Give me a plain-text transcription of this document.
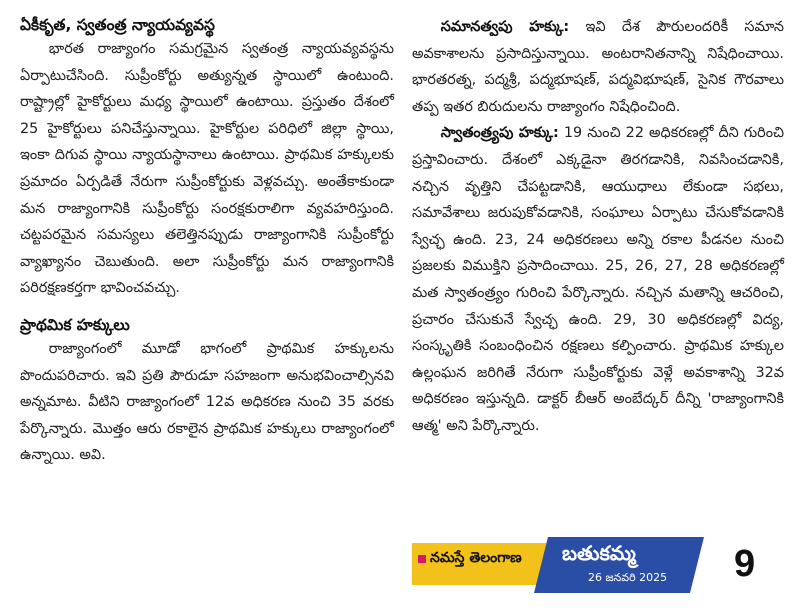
ఏకీకృత, స్వతంత్ర న్యాయవ్యవస్థ

భారత రాజ్యాంగం సమగ్రమైన స్వతంత్ర న్యాయవ్యవస్థను ఏర్పాటుచేసింది. సుప్రీంకోర్టు అత్యున్నత స్థాయిలో ఉంటుంది. రాష్ట్రాల్లో హైకోర్టులు మధ్య స్థాయిలో ఉంటాయి. ప్రస్తుతం దేశంలో 25 హైకోర్టులు పనిచేస్తున్నాయి. హైకోర్టుల పరిధిలో జిల్లా స్థాయి, ఇంకా దిగువ స్థాయి న్యాయస్థానాలు ఉంటాయి. ప్రాథమిక హక్కులకు ప్రమాదం ఏర్పడితే నేరుగా సుప్రీంకోర్టుకు వెళ్లవచ్చు. అంతేకాకుండా మన రాజ్యాంగానికి సుప్రీంకోర్టు సంరక్షకురాలిగా వ్యవహరిస్తుంది. చట్టపరమైన సమస్యలు తలెత్తినప్పుడు రాజ్యాంగానికి సుప్రీంకోర్టు వ్యాఖ్యానం చెబుతుంది. అలా సుప్రీంకోర్టు మన రాజ్యాంగానికి పరిరక్షణకర్తగా భావించవచ్చు.

ప్రాథమిక హక్కులు

రాజ్యాంగంలో మూడో భాగంలో ప్రాథమిక హక్కులను పొందుపరిచారు. ఇవి ప్రతి పౌరుడూ సహజంగా అనుభవించాల్సినవి అన్నమాట. వీటిని రాజ్యాంగంలో 12వ అధికరణ నుంచి 35 వరకు పేర్కొన్నారు. మొత్తం ఆరు రకాలైన ప్రాథమిక హక్కులు రాజ్యాంగంలో ఉన్నాయి. అవి.

సమానత్వపు హక్కు: ఇవి దేశ పౌరులందరికీ సమాన అవకాశాలను ప్రసాదిస్తున్నాయి. అంటరానితనాన్ని నిషేధించాయి. భారతరత్న, పద్మశ్రీ, పద్మభూషణ్, పద్మవిభూషణ్, సైనిక గౌరవాలు తప్ప ఇతర బిరుదులను రాజ్యాంగం నిషేధించింది.

స్వాతంత్ర్యపు హక్కు: 19 నుంచి 22 అధికరణల్లో దీని గురించి ప్రస్తావించారు. దేశంలో ఎక్కడైనా తిరగడానికి, నివసించడానికి, నచ్చిన వృత్తిని చేపట్టడానికి, ఆయుధాలు లేకుండా సభలు, సమావేశాలు జరుపుకోవడానికి, సంఘాలు ఏర్పాటు చేసుకోవడానికి స్వేచ్ఛ ఉంది. 23, 24 అధికరణలు అన్ని రకాల పీడనల నుంచి ప్రజలకు విముక్తిని ప్రసాదించాయి. 25, 26, 27, 28 అధికరణల్లో మత స్వాతంత్ర్యం గురించి పేర్కొన్నారు. నచ్చిన మతాన్ని ఆచరించి, ప్రచారం చేసుకునే స్వేచ్ఛ ఉంది. 29, 30 అధికరణల్లో విద్య, సంస్కృతికి సంబంధించిన రక్షణలు కల్పించారు. ప్రాథమిక హక్కుల ఉల్లంఘన జరిగితే నేరుగా సుప్రీంకోర్టుకు వెళ్లే అవకాశాన్ని 32వ అధికరణం ఇస్తున్నది. డాక్టర్ బీఆర్ అంబేద్కర్ దీన్ని 'రాజ్యాంగానికి ఆత్మ' అని పేర్కొన్నారు.

నమస్తే తెలంగాణ బతుకమ్మ
26 జనవరి 2025 9
